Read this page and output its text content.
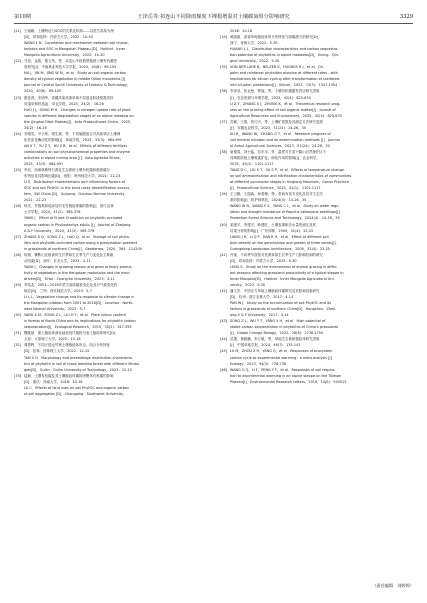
第10期	王泽岳等:祁连山不同降雨梯度下裸根增温对土壤碳氮组分影响研究	3329
[21] 王丽娜．土壤特征与SOC的关系及机制——以蒙古高原为例
[D]．呼和浩特：内蒙古大学，2022：10-30
WANG L N．Correlation and mechanism between soil charac-
teristics and SOC in Mongolian Plateau [D]．Hohhot：Inner
Mongolia Agricultural University，2022：10-30
[22] 马剑，金铭，敬文茂，等．祁连山中段典型植被土壤有机碳密
度研究[J]．中南林业科技大学学报，2020，40(8)：99-105
MA J，JIN M，JING W M，et al．Study on soil organic carbon
density of typical vegetation in middle Qilian mountains [J]．
Journal of Central South University of Forestry & Technology，
2020，40(8)：99-105
[23] 霍佳茵，宋明华．青藏高原高寒草甸不同退化阶段根数类料
同退草甸样品[J]．草业学报，2025，34(2)：16-26
HUO J J，SONG M H．Changes in nitrogen uptake rate of plant
species in different degradation stages of an alpine meadow on
the Qinghai-Tibet Plateau[J]．Acta Prataculturae Sinica，2025，
34(2)：16-26
[24] 安晓雪，尹小彤，胡生斌，等．不同施肥组合对高寒草区土壤理
化性质及酶活性的影响[J]．草地学报，2025，33(3)：984-991
AN X T，YU Z Y，HU S B，et al．Effects of different fertilizer
combinations on soil physicochemical properties and enzyme
activities in alpine mining area [J]．Acta Agrestia Sinica，
2025，33(3)：984-991
[25] 李双．西南喀斯特石漠化生态系统土壤有机碳和植被碳分
布特征及其影响因素[D]．贵阳：贵州师范大学，2021：22-23
LI S．Distribution characteristics and influencing factors of
SOC and soil PhytOC in the karst rocky desertification ecosys-
tem，SW China [D]．Guiyang：Guizhou Normal University，
2021：22-23
[26] 杨杰，外施氮和硅添加对毛竹植硅体碳的影响[J]．浙江农林
大学学报，2024，41(2)：369-376
YANG J．Effect of N and Si addition on phytolith-occluded
organic carbon in Phyllostachys edulis [J]．Journal of Zhejiang
A & F University，2024，41(2)：369-376
[27] ZHANG X D，SONG Z L，HAO Q，et al．Storage of soil phyto-
liths and phytolith-occluded carbon along a precipitation gradient
in grasslands of northern China[J]．Geoderma，2020，364：114200
[28] 杨瑞．横断山区植被的生长季和生长季生产力变化及主要驱
动因素[D]．西安：长安大学，2023：4-11
YANG J．Changes in growing season and gross primary produc-
tivity of vegetation in the Hengduan mountains and the main
drivers[D]．Xi'an：Chang'an University，2023：4-11
[29] 李兆兆．2001—2018年蒙古高原植被变化及其对气候变化的
响应[D]．兰州：西北师范大学，2023：5-7
LI L L．Vegetation change and its response to climate change in
the Mongolian plateau from 2001 to 2018[D]．Lanzhou：North-
west Normal University，2023：5-7
[30] YANG X M，SONG Z L，LIU H Y，et al．Plant silicon content
in forests of North China and its implications for phytolith carbon
sequestration[J]．Ecological Research，2015，30(2)：347-355
[31] 魏继斌．重土植硅体演化地表现代植物与表土植硅体研究[D]．
太原：太原理工大学，2022：15-16
[32] 谭景晖．不同丘陵毛竹林土壤植硅体形态、组合分布特征
[D]．桂林：桂林理工大学，2022：12-15
TAN S H．Morphology and assemblage distribution characteris-
tics of phytolith in soil of moso bamboo forest with different litholo-
gies[D]．Guilin：Guilin University of Technology，2023：12-15
[33] 陆颖．土壤有机碳及其土壤植硅体碳和团聚体有机碳的影响
[D]．重庆：西南大学，2018：10-18
LU C．Effects of land uses on soil PhytOC and organic carbon
of soil aggregates [D]．Chongqing：Southwest University，
2018：10-18
[34] 黄丽丽．高寒草甸植硅体的分布特征与固碳潜力的研究[D]．
西宁：青海大学，2022：5-30
HUANG L L．Distribution characteristics and carbon sequestra-
tion potential of phytoliths in alpine meadows[D]．Xining：Qin-
ghai University，2022：5-30
[35] VON DER LUHE B，BELZER K，HUGHES H J，et al．Oil-
palm and rainforest phytoliths dissolve at different rates - with
implications for silicon cycling after transformation of rainforest
into oil-palm plantations[J]．Silicon，2023，15(3)：1347-1354
[36] 李泽羽，张金曼，钟福，等．土壤有机碳激发效应研究进展
[J]．农业资源与环境学报，2025，42(4)：825-833
LI Z Y，ZHANG X J，ZHONG K，et al．Theoretical research prog-
ress on the priming effect of soil organic matter[J]．Journal of
Agricultural Resources and Environment，2025，42(4)：825-833
[37] 苏颖，王倩，张巧兴，等．土壤矿质氮及其测定方法研究进展
[J]．安徽农业科学，2023，51(24)：24-26，30
SU H，WANG W，ZHANG Q T，et al．Research progress of
soil mineral nitrogen and its determination methods [J]．Journal
of Anhui Agricultural Sciences，2023，51(24)：24-26，30
[38] 唐德春，刘小猛，苏东平，等．温度对甘肃兴隆山自然保护区不
同海拔阶段土壤氮素矿化、硝化作用的影响[J]．农业科学，
2025，45(1)：1101-1117
TANG D C，LIU X T，SU S P，et al．Effects of temperature change
on soil ammonification and nitrification characteristics of communities
at different succession stages in Xinglong Mountain，Gansu Province
[J]．Pratacultural Science，2025，42(1)：1101-1117
[39] 王卫娜，王瑞森，杨春梅，等．带间有苗木变化及其对生态关
系的影响[J]．防护林科技，2024(4)：14-16，35
WANG W N，WANG F S，YANG C L，et al．Study on water regu-
lation and drought resistance of Populus cathayana seedlings[J]．
Protection Forest Science and Technology，2024(4)：14-16，35
[40] 梁建平，李建平，韩建旺．土壤容重和含水量的测定及其
结果分析的影响[J]．广东园林，2009，31(4)：22-25
LIANG J H，LI Q P，JIAN R H，et al．Effect of different soil
bulk density on the germination and growth of three plants[J]．
Guangdong Landscape Architecture，2009，31(4)：22-25
[41] 冷爽．不同季节放牧对荒漠草原生长季生产力影响机制的研究
[D]．呼和浩特：内蒙古大学，2023：5-30
LENG S．Study on the mechanisms of animal grazing in differ-
ent seasons affecting grassland productivity of a typical steppe in
Inner Mongolia[D]．Hohhot：Inner Mongolia Agricultural Uni-
versity，2023：5-30
[42] 潘文杰．中国北方草地土壤植硅体碳研究及其影响因素研究
[D]．杭州：浙江农林大学，2017：4-14
PAN W J．Study on the accumulation of soil PhytOC and its
factors in grasslands of northern China[D]．Hangzhou：Zheji-
ang A & F University，2017：4-14
[43] SONG Z L，WU Y T，YANG Y H，et al．High potential of
stable carbon sequestration in phytoliths of China's grasslands
[J]．Global Change Biology，2022，28(8)：2736-2750
[44] 武康，黄毅鹏，李立敏，等．草地生态系统植硅体研究进展
[J]．中国草地学报，2024，46(7)：135-143
[45] LU M，ZHOU X H，YANG Q，et al．Responses of ecosystem
carbon cycle to experimental warming：a meta-analysis [J]．
Ecology，2013，94(3)：726-738
[46] WANG G Q，LI F，PENG Y F，et al．Responses of soil respira-
tion to experimental warming in an alpine steppe on the Tibetan
Plateau[J]．Environmental Research Letters，2019，14(9)：094015
（责任编辑　刘婷婷）
